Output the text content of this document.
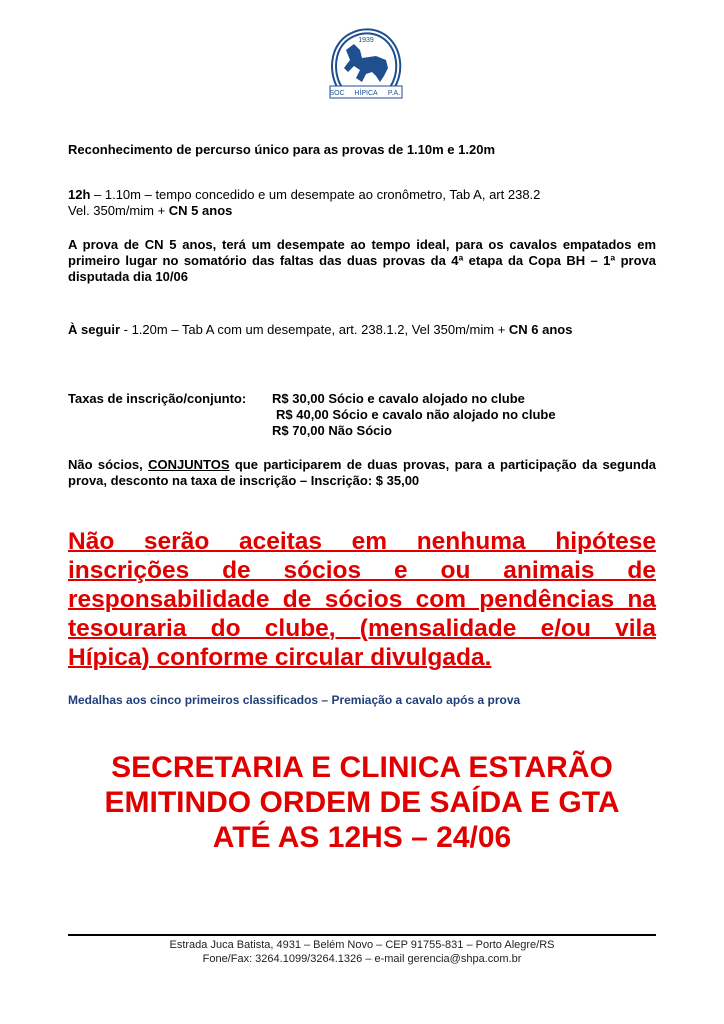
1939
SOC HÍPICA P.A.
Reconhecimento de percurso único para as provas de 1.10m e 1.20m
12h – 1.10m – tempo concedido e um desempate ao cronômetro, Tab A, art 238.2
Vel. 350m/mim + CN 5 anos
A prova de CN 5 anos, terá um desempate ao tempo ideal, para os cavalos empatados em primeiro lugar no somatório das faltas das duas provas da 4ª etapa da Copa BH – 1ª prova disputada dia 10/06
À seguir - 1.20m – Tab A com um desempate, art. 238.1.2, Vel 350m/mim + CN 6 anos
Taxas de inscrição/conjunto: R$ 30,00 Sócio e cavalo alojado no clube
R$ 40,00 Sócio e cavalo não alojado no clube
R$ 70,00 Não Sócio
Não sócios, CONJUNTOS que participarem de duas provas, para a participação da segunda prova, desconto na taxa de inscrição – Inscrição: $ 35,00
Não serão aceitas em nenhuma hipótese inscrições de sócios e ou animais de responsabilidade de sócios com pendências na tesouraria do clube, (mensalidade e/ou vila Hípica) conforme circular divulgada.
Medalhas aos cinco primeiros classificados – Premiação a cavalo após a prova
SECRETARIA E CLINICA ESTARÃO
EMITINDO ORDEM DE SAÍDA E GTA
ATÉ AS 12HS – 24/06
Estrada Juca Batista, 4931 – Belém Novo – CEP 91755-831 – Porto Alegre/RS
Fone/Fax: 3264.1099/3264.1326 – e-mail gerencia@shpa.com.br
